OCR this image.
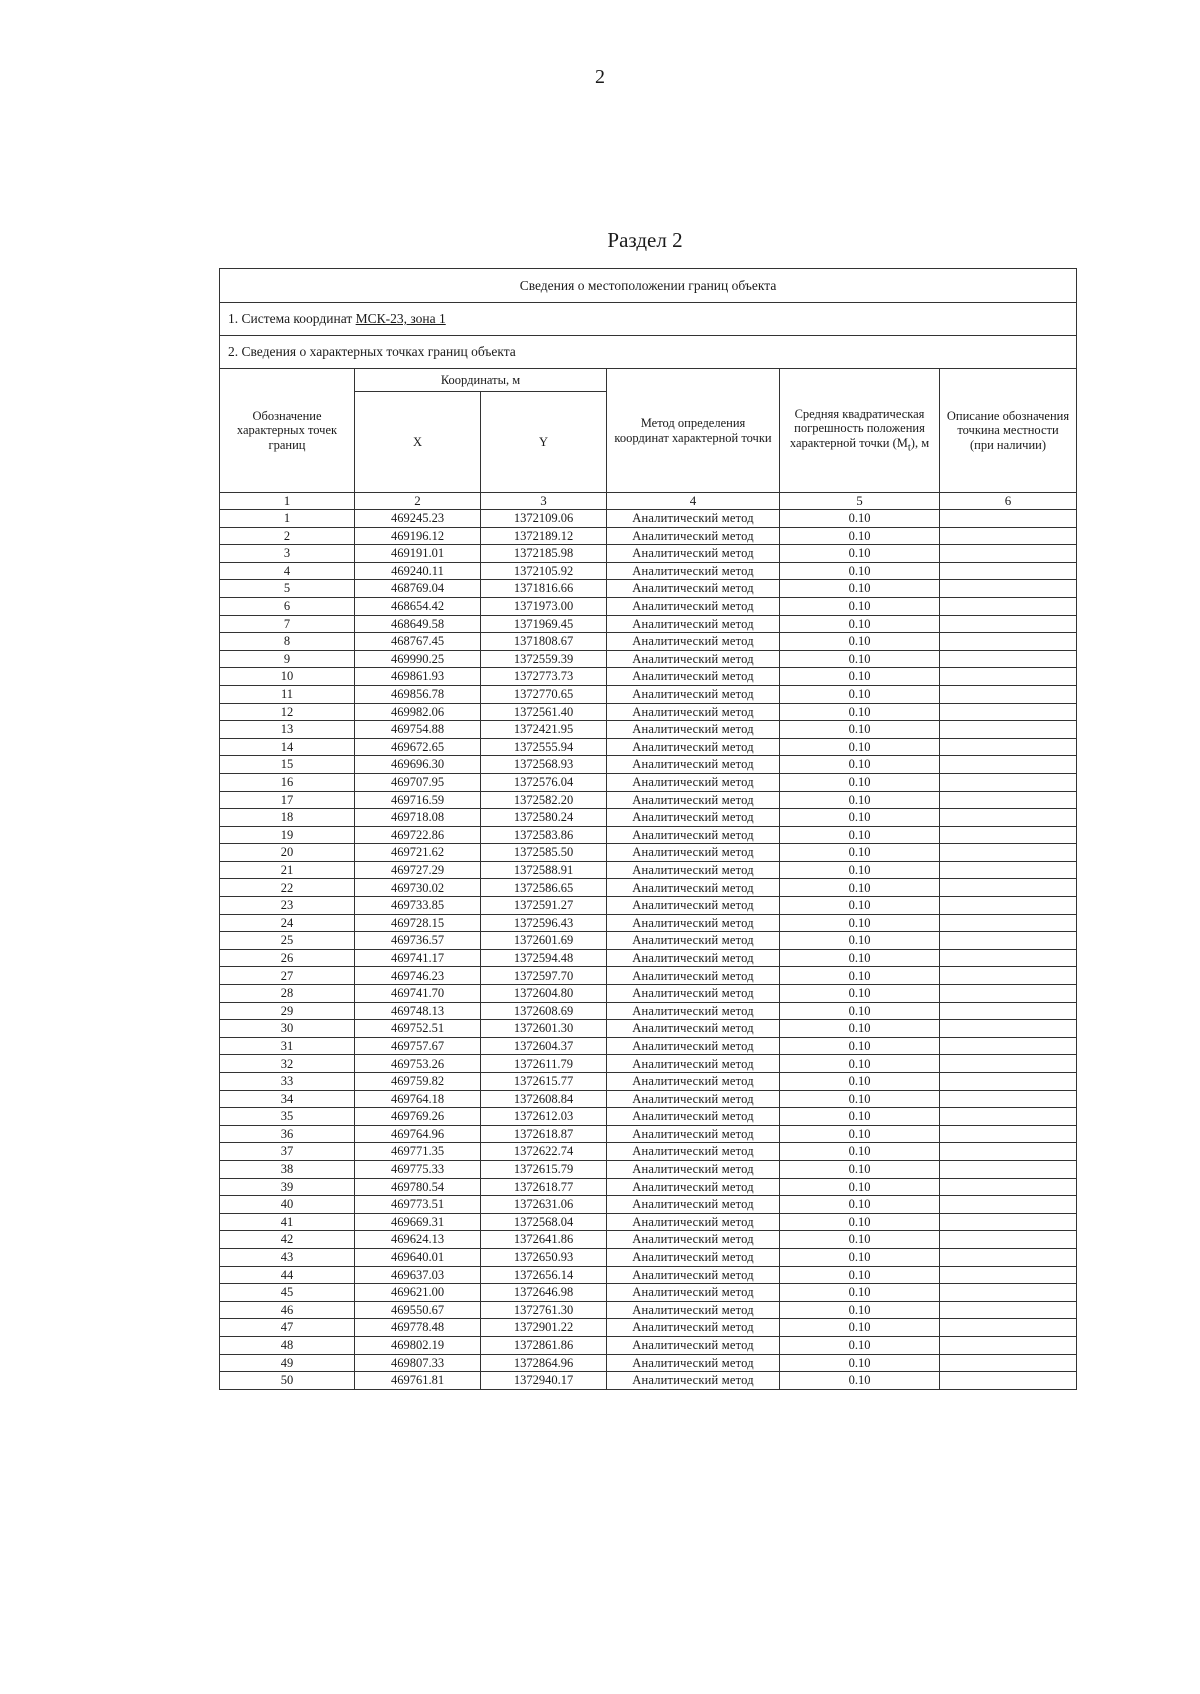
2
Раздел 2
Сведения о местоположении границ объекта					
1. Система координат МСК-23, зона 1					
2. Сведения о характерных точках границ объекта					
Обозначение характерных точек границ	Координаты, м		Метод определения координат характерной точки	Средняя квадратическая погрешность положения характерной точки $(M_t)$, м	Описание обозначения точкина местности (при наличии)
	X	Y			
1	2	3	4	5	6
1	469245.23	1372109.06	Аналитический метод	0.10	
2	469196.12	1372189.12	Аналитический метод	0.10	
3	469191.01	1372185.98	Аналитический метод	0.10	
4	469240.11	1372105.92	Аналитический метод	0.10	
5	468769.04	1371816.66	Аналитический метод	0.10	
6	468654.42	1371973.00	Аналитический метод	0.10	
7	468649.58	1371969.45	Аналитический метод	0.10	
8	468767.45	1371808.67	Аналитический метод	0.10	
9	469990.25	1372559.39	Аналитический метод	0.10	
10	469861.93	1372773.73	Аналитический метод	0.10	
11	469856.78	1372770.65	Аналитический метод	0.10	
12	469982.06	1372561.40	Аналитический метод	0.10	
13	469754.88	1372421.95	Аналитический метод	0.10	
14	469672.65	1372555.94	Аналитический метод	0.10	
15	469696.30	1372568.93	Аналитический метод	0.10	
16	469707.95	1372576.04	Аналитический метод	0.10	
17	469716.59	1372582.20	Аналитический метод	0.10	
18	469718.08	1372580.24	Аналитический метод	0.10	
19	469722.86	1372583.86	Аналитический метод	0.10	
20	469721.62	1372585.50	Аналитический метод	0.10	
21	469727.29	1372588.91	Аналитический метод	0.10	
22	469730.02	1372586.65	Аналитический метод	0.10	
23	469733.85	1372591.27	Аналитический метод	0.10	
24	469728.15	1372596.43	Аналитический метод	0.10	
25	469736.57	1372601.69	Аналитический метод	0.10	
26	469741.17	1372594.48	Аналитический метод	0.10	
27	469746.23	1372597.70	Аналитический метод	0.10	
28	469741.70	1372604.80	Аналитический метод	0.10	
29	469748.13	1372608.69	Аналитический метод	0.10	
30	469752.51	1372601.30	Аналитический метод	0.10	
31	469757.67	1372604.37	Аналитический метод	0.10	
32	469753.26	1372611.79	Аналитический метод	0.10	
33	469759.82	1372615.77	Аналитический метод	0.10	
34	469764.18	1372608.84	Аналитический метод	0.10	
35	469769.26	1372612.03	Аналитический метод	0.10	
36	469764.96	1372618.87	Аналитический метод	0.10	
37	469771.35	1372622.74	Аналитический метод	0.10	
38	469775.33	1372615.79	Аналитический метод	0.10	
39	469780.54	1372618.77	Аналитический метод	0.10	
40	469773.51	1372631.06	Аналитический метод	0.10	
41	469669.31	1372568.04	Аналитический метод	0.10	
42	469624.13	1372641.86	Аналитический метод	0.10	
43	469640.01	1372650.93	Аналитический метод	0.10	
44	469637.03	1372656.14	Аналитический метод	0.10	
45	469621.00	1372646.98	Аналитический метод	0.10	
46	469550.67	1372761.30	Аналитический метод	0.10	
47	469778.48	1372901.22	Аналитический метод	0.10	
48	469802.19	1372861.86	Аналитический метод	0.10	
49	469807.33	1372864.96	Аналитический метод	0.10	
50	469761.81	1372940.17	Аналитический метод	0.10	
